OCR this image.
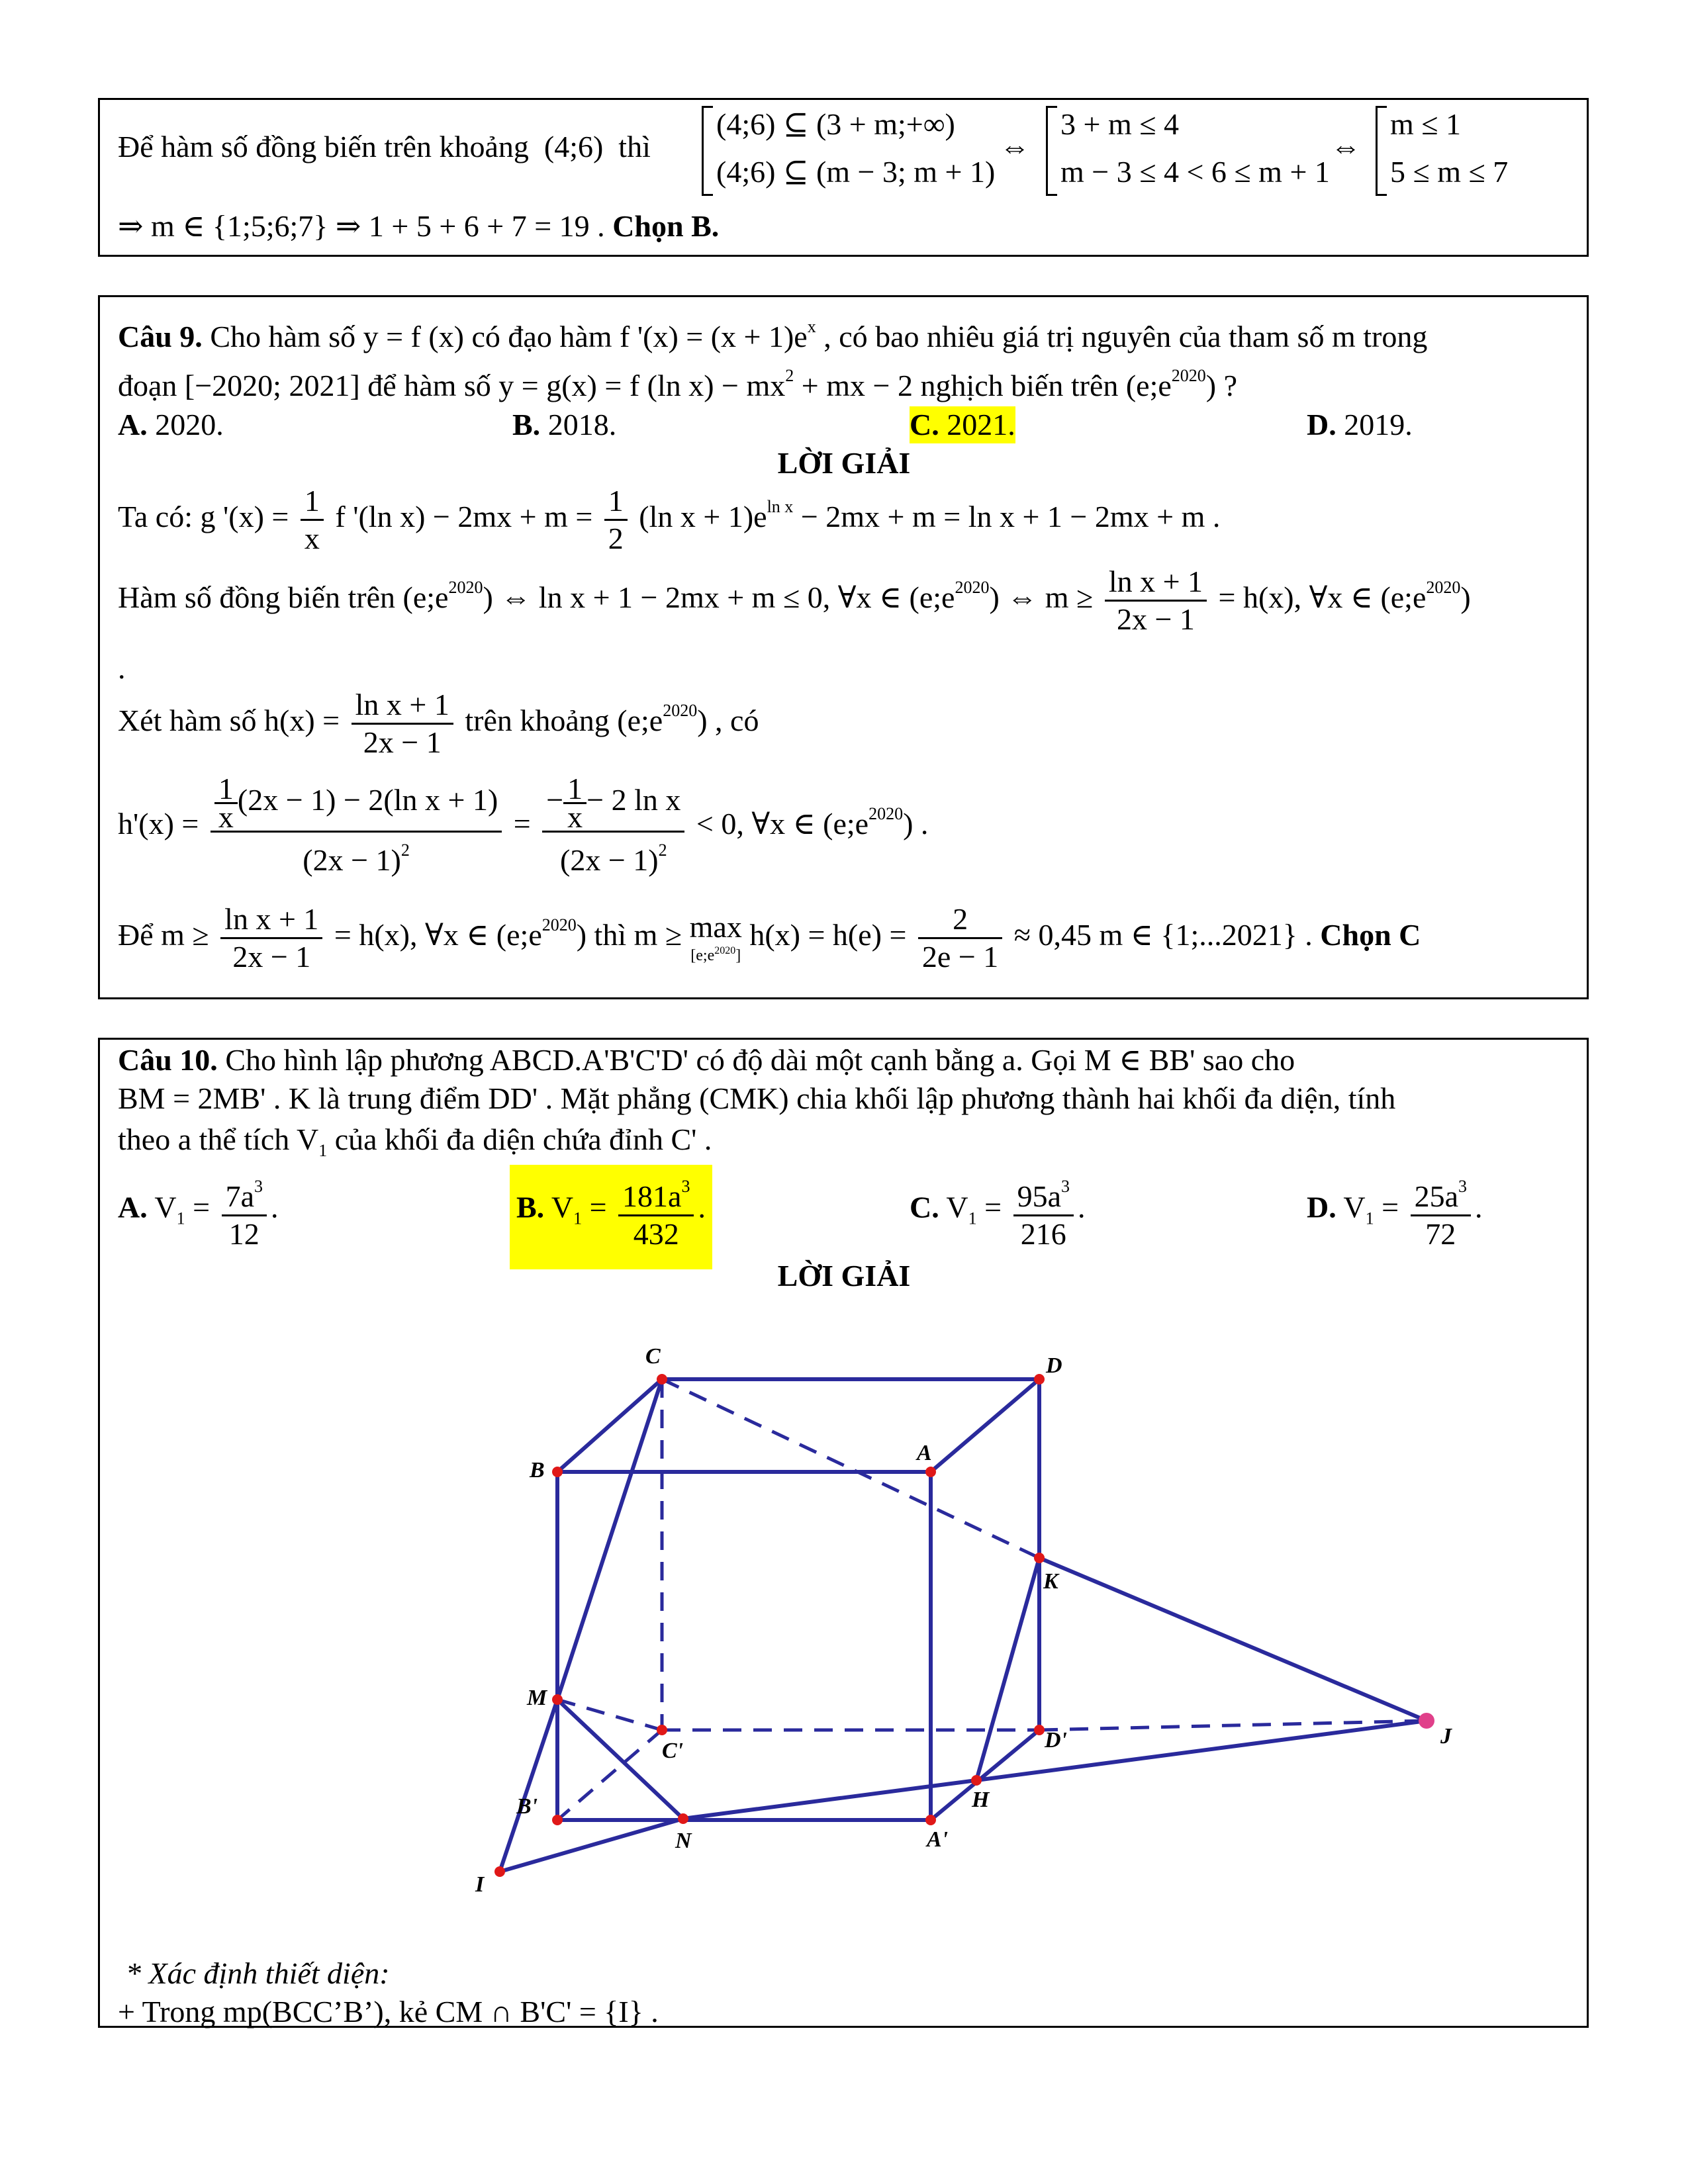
Để hàm số đồng biến trên khoảng (4;6) thì
(4;6) ⊆ (3 + m;+∞)
(4;6) ⊆ (m − 3; m + 1)
⇔
3 + m ≤ 4
m − 3 ≤ 4 < 6 ≤ m + 1
⇔
m ≤ 1
5 ≤ m ≤ 7
⇒ m ∈ {1;5;6;7} ⇒ 1 + 5 + 6 + 7 = 19 . Chọn B.
Câu 9. Cho hàm số y = f (x) có đạo hàm f '$(x) = (x + 1)e^x$ , có bao nhiêu giá trị nguyên của tham số m trong
đoạn [−2020; 2021] để hàm số y = g(x) = f (ln $x) - mx^2$ + mx − 2 nghịch biến trên $(e;e^{2020})$ ?
A. 2020.	B. 2018.	C. 2021.	D. 2019.
LỜI GIẢI
Ta có: g '$(x) = \frac{1}{x}$ f '(ln $x) - 2mx + m = \frac{1}{2} (\ln$ $x + 1)e^{ln x} - 2mx + m = \ln x + 1 - 2mx + m$ .
Hàm số đồng biến trên $(e;e^{2020})$ ⇔ ln x + 1 − 2mx + m ≤ 0, ∀x ∈ $(e;e^{2020})$ ⇔ $m \ge \frac{\text{ln x + 1}}{2x - 1} = h(x)$, ∀x ∈ $(e;e^{2020})$
.
Xét hàm số $h(x) = \frac{\text{ln x + 1}}{2x - 1}$ trên khoảng $(e;e^{2020})$ , có
$h'(x) = \frac{\frac{1}{x} (2x - 1) - 2(\ln x + 1)}{(2x - 1)^2} = \frac{- \frac{1}{x} - 2 \ln x}{(2x - 1)^2} < 0$, ∀x ∈ $(e;e^{2020})$ .
Để $m \ge \frac{\text{ln x + 1}}{2x - 1} = h(x)$, ∀x ∈ $(e;e^{2020})$ thì m ≥ max
$[e;e^{2020}]$
$h(x) = h(e) = \frac{2}{2e - 1} \approx 0,45$ m ∈ {1;...2021} . Chọn C
Câu 10. Cho hình lập phương ABCD.A'B'C'D' có độ dài một cạnh bằng a. Gọi M ∈ BB' sao cho
BM = 2MB' . K là trung điểm DD' . Mặt phẳng (CMK) chia khối lập phương thành hai khối đa diện, tính
theo a thể tích $V_1$ của khối đa diện chứa đỉnh C' .
A. $V_1 = \frac{7a^3}{12}$ .	B. $V_1 = \frac{181a^3}{432}$ .	C. $V_1 = \frac{95a^3}{216}$ .	D. $V_1 = \frac{25a^3}{72}$ .
LỜI GIẢI
C	D
B
A
K
M
C'	D'
B'
N
H
A'
I
J
* Xác định thiết diện:
+ Trong mp(BCC’B’), kẻ CM ∩ B'C' = {I} .
